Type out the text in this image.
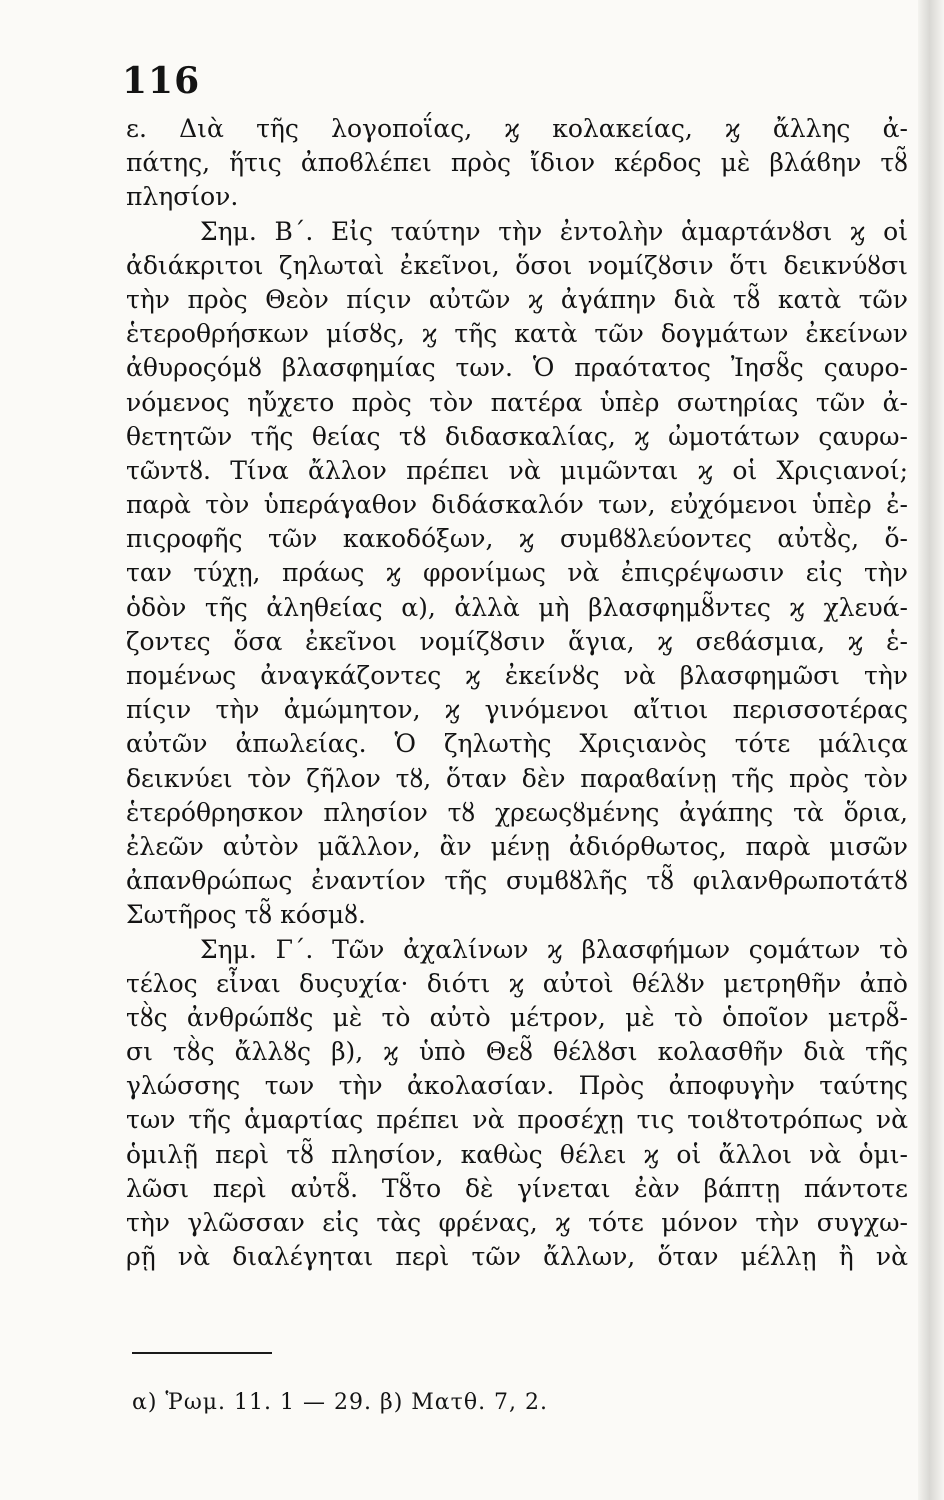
116
ε. Διὰ τῆς λογοποΐας, ϗ κολακείας, ϗ ἄλλης ἀ-
πάτης, ἥτις ἀποϐλέπει πρὸς ἴδιον κέρδος μὲ βλάϐην τȣ̃
πλησίον.
Σημ. Β΄. Εἰς ταύτην τὴν ἐντολὴν ἁμαρτάνȣσι ϗ οἱ
ἀδιάκριτοι ζηλωταὶ ἐκεῖνοι, ὅσοι νομίζȣσιν ὅτι δεικνύȣσι
τὴν πρὸς Θεὸν πίςιν αὐτῶν ϗ ἀγάπην διὰ τȣ̃ κατὰ τῶν
ἑτεροθρήσκων μίσȣς, ϗ τῆς κατὰ τῶν δογμάτων ἐκείνων
ἀθυροςόμȣ βλασφημίας των. Ὁ πραότατος Ἰησȣ̃ς ςαυρο-
νόμενος ηὔχετο πρὸς τὸν πατέρα ὑπὲρ σωτηρίας τῶν ἀ-
θετητῶν τῆς θείας τȣ διδασκαλίας, ϗ ὠμοτάτων ςαυρω-
τῶντȣ. Τίνα ἄλλον πρέπει νὰ μιμῶνται ϗ οἱ Χριςιανοί;
παρὰ τὸν ὑπεράγαθον διδάσκαλόν των, εὐχόμενοι ὑπὲρ ἐ-
πιςροφῆς τῶν κακοδόξων, ϗ συμϐȣλεύοντες αὐτȣ̀ς, ὅ-
ταν τύχῃ, πράως ϗ φρονίμως νὰ ἐπιςρέψωσιν εἰς τὴν
ὁδὸν τῆς ἀληθείας α), ἀλλὰ μὴ βλασφημȣ̃ντες ϗ χλευά-
ζοντες ὅσα ἐκεῖνοι νομίζȣσιν ἅγια, ϗ σεϐάσμια, ϗ ἑ-
πομένως ἀναγκάζοντες ϗ ἐκείνȣς νὰ βλασφημῶσι τὴν
πίςιν τὴν ἀμώμητον, ϗ γινόμενοι αἴτιοι περισσοτέρας
αὐτῶν ἀπωλείας. Ὁ ζηλωτὴς Χριςιανὸς τότε μάλιςα
δεικνύει τὸν ζῆλον τȣ, ὅταν δὲν παραϐαίνῃ τῆς πρὸς τὸν
ἑτερόθρησκον πλησίον τȣ χρεωςȣμένης ἀγάπης τὰ ὅρια,
ἐλεῶν αὐτὸν μᾶλλον, ἂν μένῃ ἀδιόρθωτος, παρὰ μισῶν
ἀπανθρώπως ἐναντίον τῆς συμϐȣλῆς τȣ̃ φιλανθρωποτάτȣ
Σωτῆρος τȣ̃ κόσμȣ.
Σημ. Γ΄. Τῶν ἀχαλίνων ϗ βλασφήμων ςομάτων τὸ
τέλος εἶναι δυςυχία· διότι ϗ αὐτοὶ θέλȣν μετρηθῆν ἀπὸ
τȣ̀ς ἀνθρώπȣς μὲ τὸ αὐτὸ μέτρον, μὲ τὸ ὁποῖον μετρȣ̃-
σι τȣ̀ς ἄλλȣς β), ϗ ὑπὸ Θεȣ̃ θέλȣσι κολασθῆν διὰ τῆς
γλώσσης των τὴν ἀκολασίαν. Πρὸς ἀποφυγὴν ταύτης
των τῆς ἁμαρτίας πρέπει νὰ προσέχῃ τις τοιȣτοτρόπως νὰ
ὁμιλῇ περὶ τȣ̃ πλησίον, καθὼς θέλει ϗ οἱ ἄλλοι νὰ ὁμι-
λῶσι περὶ αὐτȣ̃. Τȣ̃το δὲ γίνεται ἐὰν βάπτῃ πάντοτε
τὴν γλῶσσαν εἰς τὰς φρένας, ϗ τότε μόνον τὴν συγχω-
ρῇ νὰ διαλέγηται περὶ τῶν ἄλλων, ὅταν μέλλῃ ἢ νὰ
α) Ῥωμ. 11. 1 — 29. β) Ματθ. 7, 2.
